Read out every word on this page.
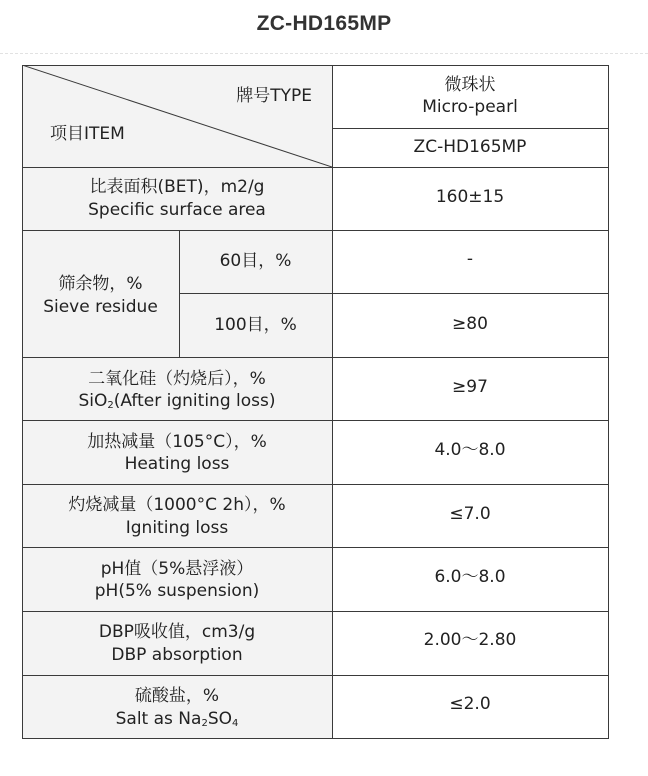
ZC-HD165MP
牌号TYPE
项目ITEM
微珠状
Micro-pearl
ZC-HD165MP
比表面积(BET)，m2/g
Specific surface area
160±15
筛余物，%
Sieve residue
60目，%	-
100目，%	≥80
二氧化硅（灼烧后），%
SiO$_2$(After igniting loss)
≥97
加热减量（105°C），%
Heating loss
4.0～8.0
灼烧减量（1000°C 2h），%
Igniting loss
≤7.0
pH值（5%悬浮液）
pH(5% suspension)
6.0～8.0
DBP吸收值，cm3/g
DBP absorption
2.00～2.80
硫酸盐，%
Salt as $Na_2SO_4$
≤2.0
